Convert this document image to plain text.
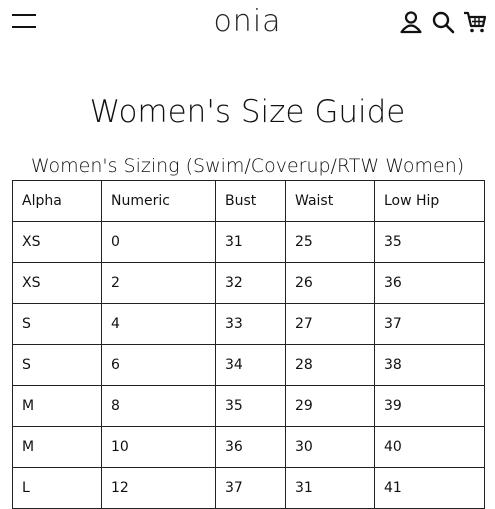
onia
Women's Size Guide
Women's Sizing (Swim/Coverup/RTW Women)
Alpha	Numeric	Bust	Waist	Low Hip
XS	0	31	25	35
XS	2	32	26	36
S	4	33	27	37
S	6	34	28	38
M	8	35	29	39
M	10	36	30	40
L	12	37	31	41
